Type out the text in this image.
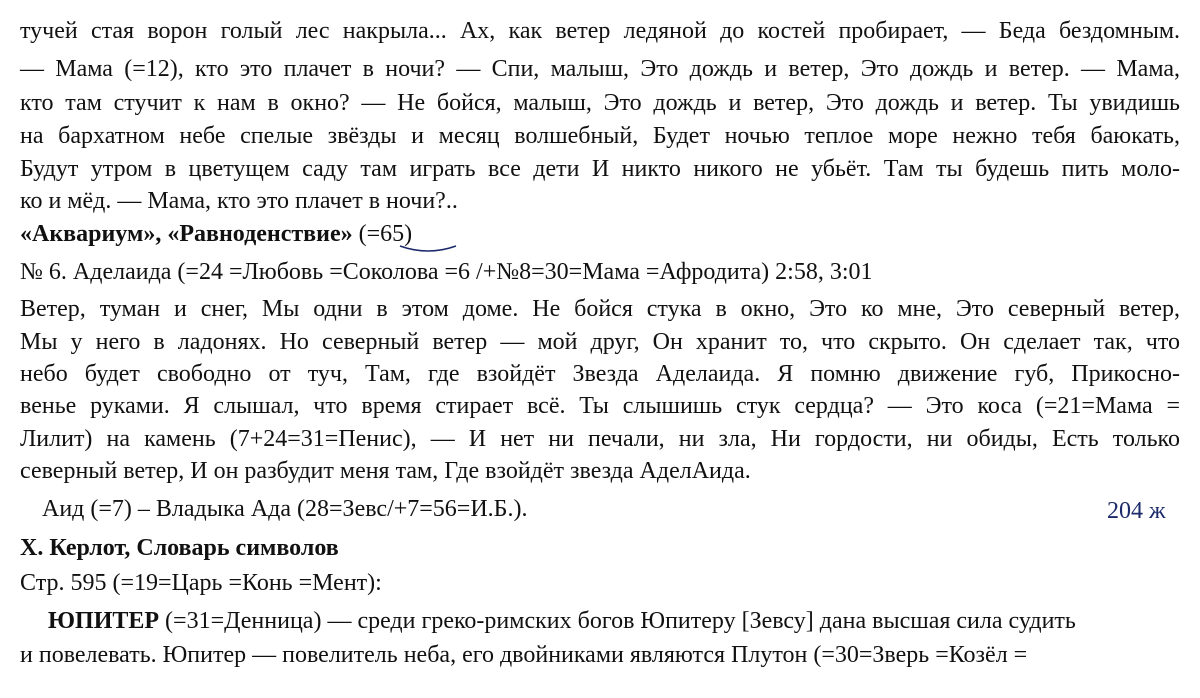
тучей стая ворон голый лес накрыла... Ах, как ветер ледяной до костей пробирает, — Беда бездомным.
— Мама (=12), кто это плачет в ночи? — Спи, малыш, Это дождь и ветер, Это дождь и ветер. — Мама,
кто там стучит к нам в окно? — Не бойся, малыш, Это дождь и ветер, Это дождь и ветер. Ты увидишь
на бархатном небе спелые звёзды и месяц волшебный, Будет ночью теплое море нежно тебя баюкать,
Будут утром в цветущем саду там играть все дети И никто никого не убьёт. Там ты будешь пить моло-
ко и мёд. — Мама, кто это плачет в ночи?..
«Аквариум», «Равноденствие» (=65)
№ 6. Аделаида (=24 =Любовь =Соколова =6 /+№8=30=Мама =Афродита) 2:58, 3:01
Ветер, туман и снег, Мы одни в этом доме. Не бойся стука в окно, Это ко мне, Это северный ветер,
Мы у него в ладонях. Но северный ветер — мой друг, Он хранит то, что скрыто. Он сделает так, что
небо будет свободно от туч, Там, где взойдёт Звезда Аделаида. Я помню движение губ, Прикосно-
венье руками. Я слышал, что время стирает всё. Ты слышишь стук сердца? — Это коса (=21=Мама =
Лилит) на камень (7+24=31=Пенис), — И нет ни печали, ни зла, Ни гордости, ни обиды, Есть только
северный ветер, И он разбудит меня там, Где взойдёт звезда АделАида.
Аид (=7) – Владыка Ада (28=Зевс/+7=56=И.Б.).	204 ж
Х. Керлот, Словарь символов
Стр. 595 (=19=Царь =Конь =Мент):
ЮПИТЕР (=31=Денница) — среди греко-римских богов Юпитеру [Зевсу] дана высшая сила судить
и повелевать. Юпитер — повелитель неба, его двойниками являются Плутон (=30=Зверь =Козёл =
